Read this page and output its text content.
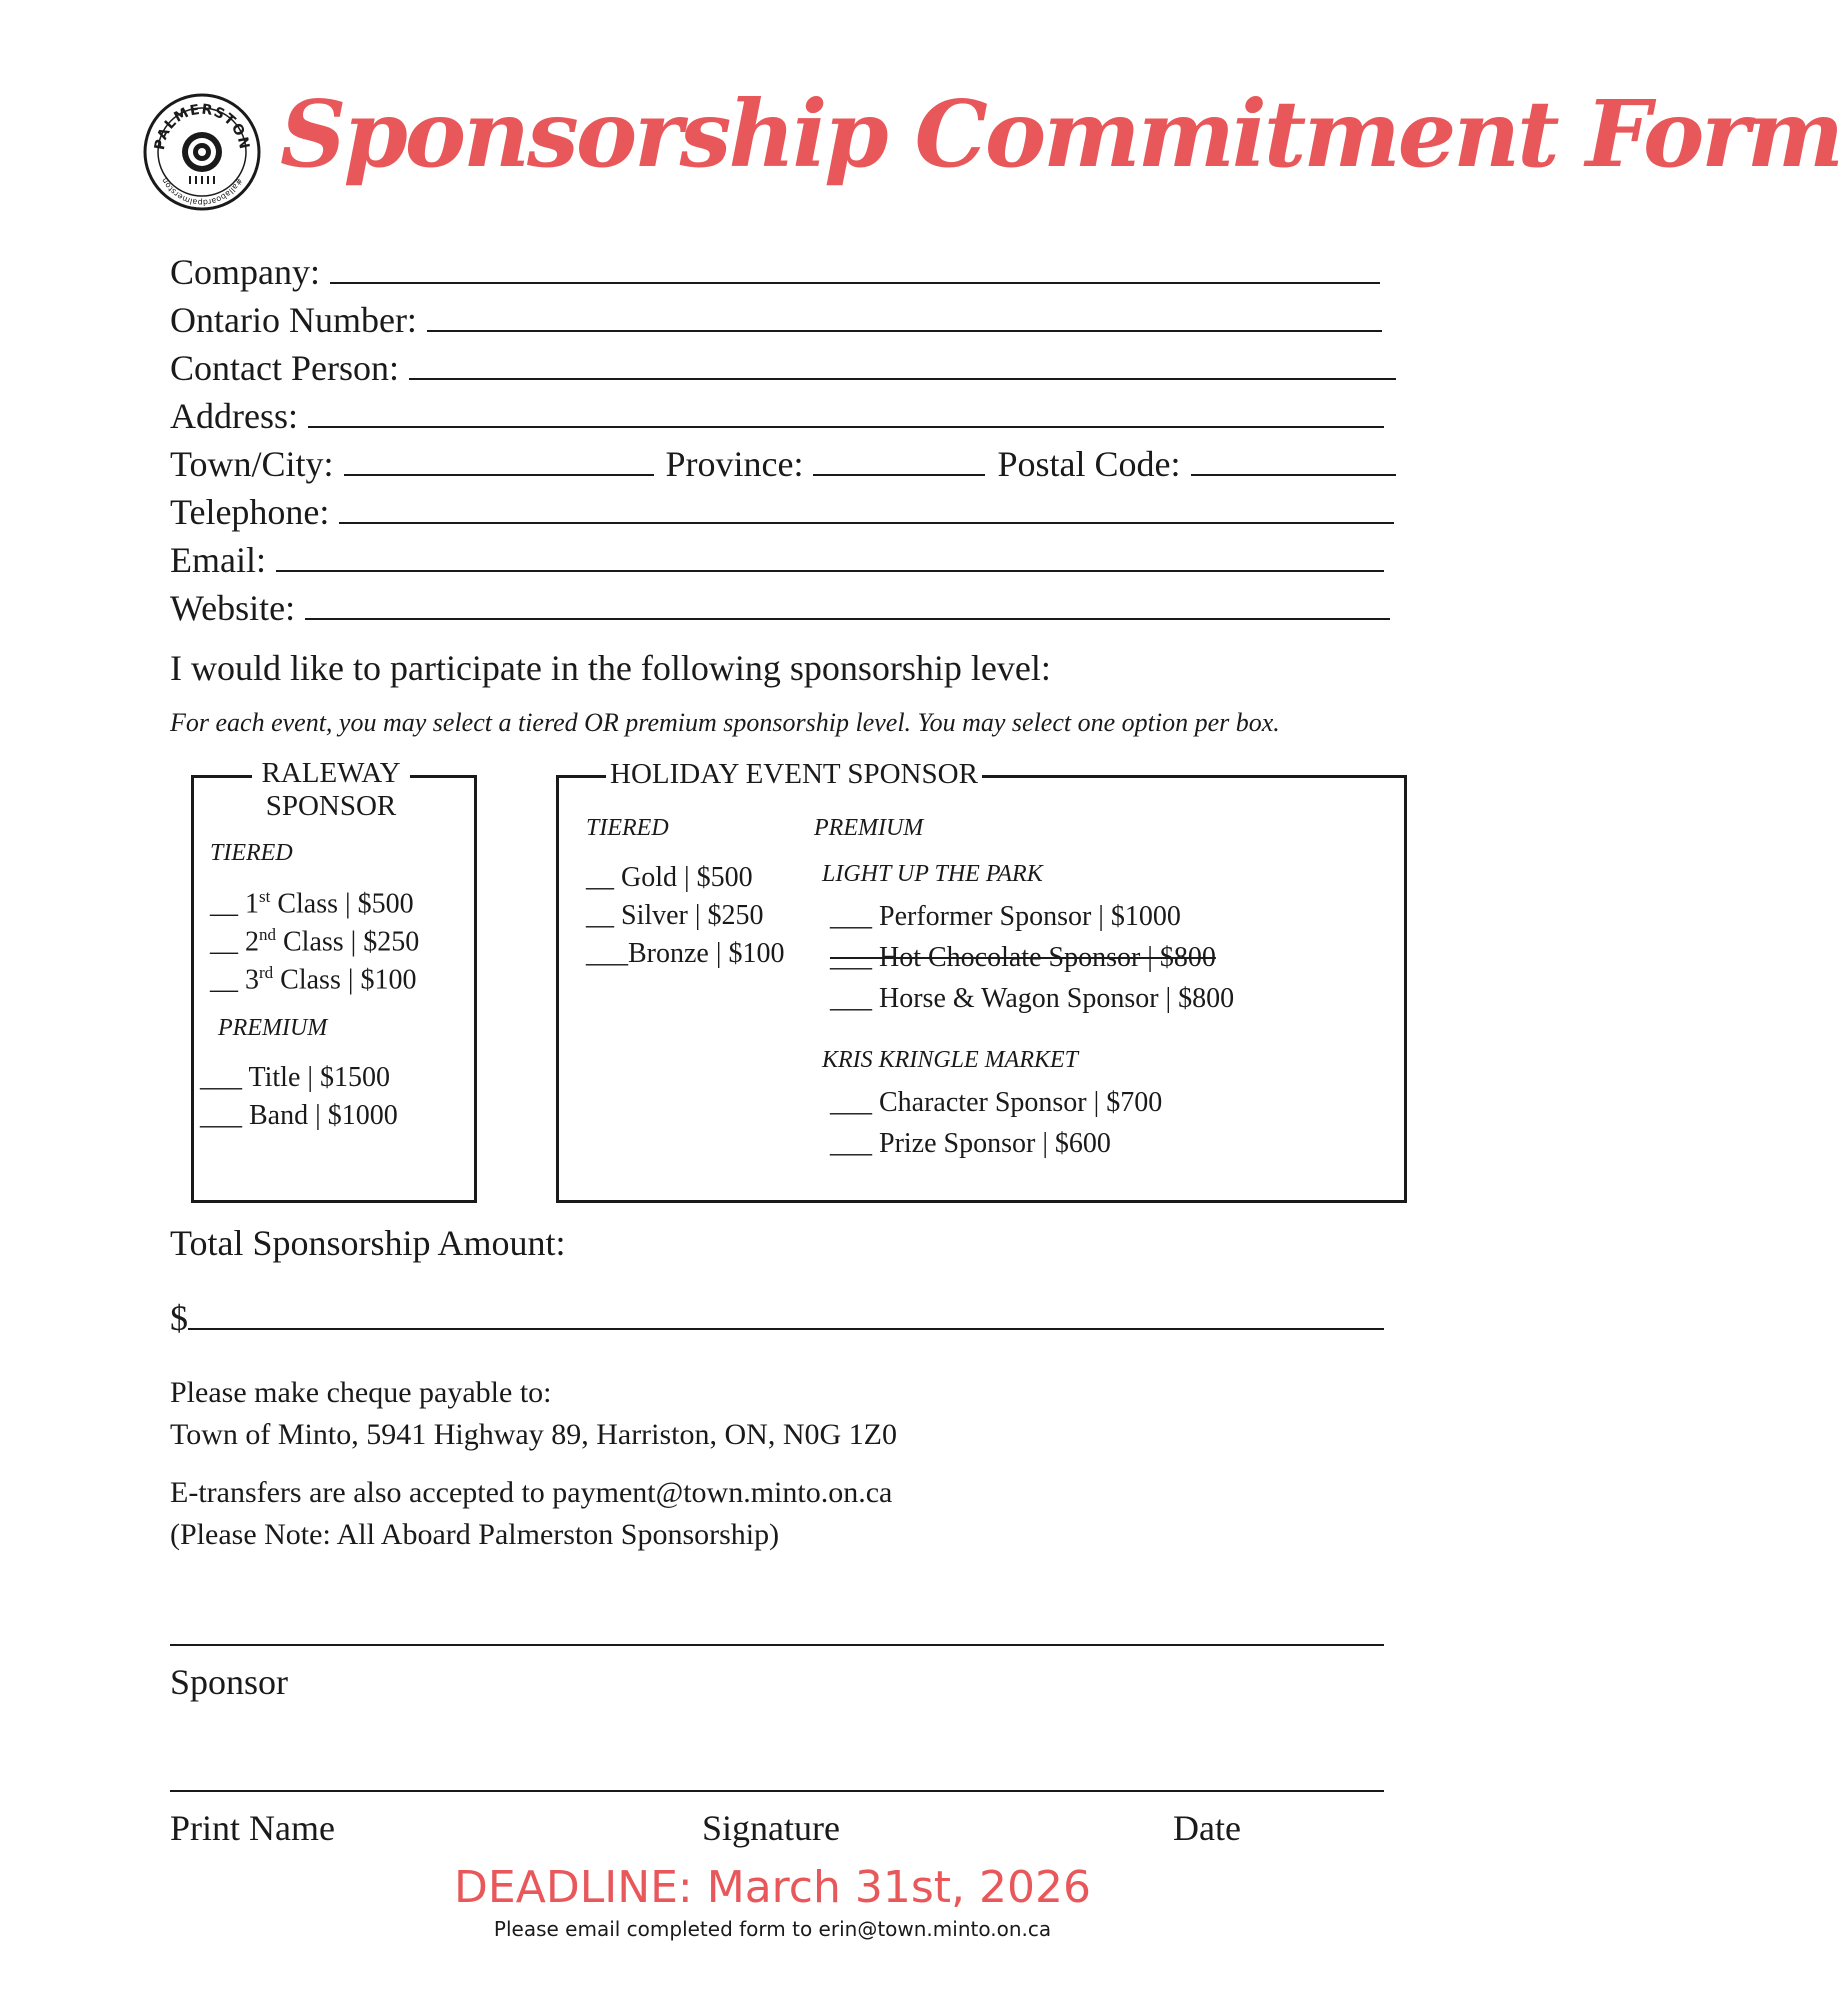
PALMERSTON
#allaboardpalmerston	Sponsorship Commitment Form
Company:
Ontario Number:
Contact Person:
Address:
Town/City:	Province:	Postal Code:
Telephone:
Email:
Website:
I would like to participate in the following sponsorship level:
For each event, you may select a tiered OR premium sponsorship level. You may select one option per box.
RALEWAY
SPONSOR
TIERED
__ 1st Class | $500
__ 2nd Class | $250
__ 3rd Class | $100
PREMIUM
___ Title | $1500
___ Band | $1000
HOLIDAY EVENT SPONSOR
TIERED	PREMIUM
__ Gold | $500
__ Silver | $250
___Bronze | $100
LIGHT UP THE PARK
___ Performer Sponsor | $1000
___ Hot Chocolate Sponsor | $800
___ Horse & Wagon Sponsor | $800
KRIS KRINGLE MARKET
___ Character Sponsor | $700
___ Prize Sponsor | $600
Total Sponsorship Amount:
$
Please make cheque payable to:
Town of Minto, 5941 Highway 89, Harriston, ON, N0G 1Z0
E-transfers are also accepted to payment@town.minto.on.ca
(Please Note: All Aboard Palmerston Sponsorship)
Sponsor
Print Name	Signature	Date
DEADLINE: March 31st, 2026
Please email completed form to erin@town.minto.on.ca
